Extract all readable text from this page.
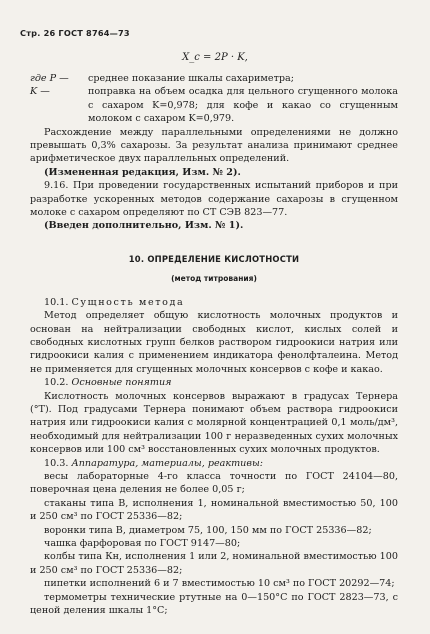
Стр. 26 ГОСТ 8764—73
X_c = 2P · K,
где P —	среднее показание шкалы сахариметра;
K —	поправка на объем осадка для цельного сгущенного молока с сахаром K=0,978; для кофе и какао со сгущенным молоком с сахаром K=0,979.

Расхождение между параллельными определениями не должно превышать 0,3% сахарозы. За результат анализа принимают среднее арифметическое двух параллельных определений.

(Измененная редакция, Изм. № 2).

9.16. При проведении государственных испытаний приборов и при разработке ускоренных методов содержание сахарозы в сгущенном молоке с сахаром определяют по СТ СЭВ 823—77.

(Введен дополнительно, Изм. № 1).

10. ОПРЕДЕЛЕНИЕ КИСЛОТНОСТИ
(метод титрования)

10.1. Сущность метода

Метод определяет общую кислотность молочных продуктов и основан на нейтрализации свободных кислот, кислых солей и свободных кислотных групп белков раствором гидроокиси натрия или гидроокиси калия с применением индикатора фенолфталеина. Метод не применяется для сгущенных молочных консервов с кофе и какао.

10.2. Основные понятия

Кислотность молочных консервов выражают в градусах Тернера (°Т). Под градусами Тернера понимают объем раствора гидроокиси натрия или гидроокиси калия с молярной концентрацией 0,1 моль/дм³, необходимый для нейтрализации 100 г неразведенных сухих молочных консервов или 100 см³ восстановленных сухих молочных продуктов.

10.3. Аппаратура, материалы, реактивы:

весы лабораторные 4-го класса точности по ГОСТ 24104—80, поверочная цена деления не более 0,05 г;

стаканы типа В, исполнения 1, номинальной вместимостью 50, 100 и 250 см³ по ГОСТ 25336—82;

воронки типа В, диаметром 75, 100, 150 мм по ГОСТ 25336—82;

чашка фарфоровая по ГОСТ 9147—80;

колбы типа Кн, исполнения 1 или 2, номинальной вместимостью 100 и 250 см³ по ГОСТ 25336—82;

пипетки исполнений 6 и 7 вместимостью 10 см³ по ГОСТ 20292—74;

термометры технические ртутные на 0—150°С по ГОСТ 2823—73, с ценой деления шкалы 1°С;
